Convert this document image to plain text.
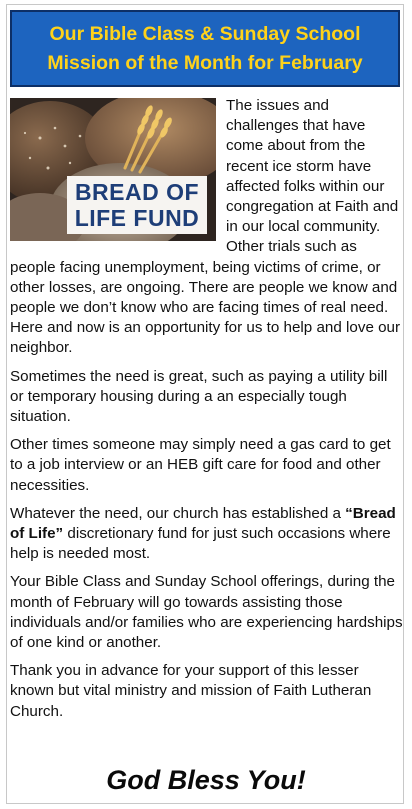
Our Bible Class & Sunday School
Mission of the Month for February
BREAD OF
LIFE FUND

The issues and challenges that have come about from the recent ice storm have affected folks within our congregation at Faith and in our local community. Other trials such as people facing unemployment, being victims of crime, or other losses, are ongoing. There are people we know and people we don’t know who are facing times of real need. Here and now is an opportunity for us to help and love our neighbor.

Sometimes the need is great, such as paying a utility bill or temporary housing during a an especially tough situation.

Other times someone may simply need a gas card to get to a job interview or an HEB gift care for food and other necessities.

Whatever the need, our church has established a “Bread of Life” discretionary fund for just such occasions where help is needed most.

Your Bible Class and Sunday School offerings, during the month of February will go towards assisting those individuals and/or families who are experiencing hardships of one kind or another.

Thank you in advance for your support of this lesser known but vital ministry and mission of Faith Lutheran Church.

God Bless You!
